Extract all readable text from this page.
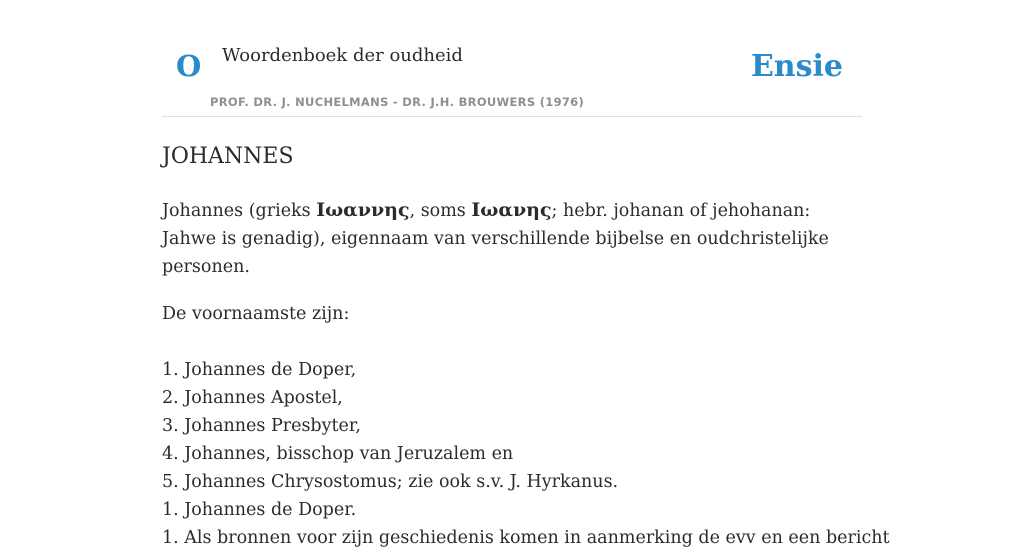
O Woordenboek der oudheid
PROF. DR. J. NUCHELMANS - DR. J.H. BROUWERS (1976)
Ensie
JOHANNES

Johannes (grieks Ιωαννης, soms Ιωανης; hebr. johanan of jehohanan: Jahwe is genadig), eigennaam van verschillende bijbelse en oudchristelijke personen.

De voornaamste zijn:

1. Johannes de Doper,
2. Johannes Apostel,
3. Johannes Presbyter,
4. Johannes, bisschop van Jeruzalem en
5. Johannes Chrysostomus; zie ook s.v. J. Hyrkanus.
1. Johannes de Doper.
1. Als bronnen voor zijn geschiedenis komen in aanmerking de evv en een bericht
